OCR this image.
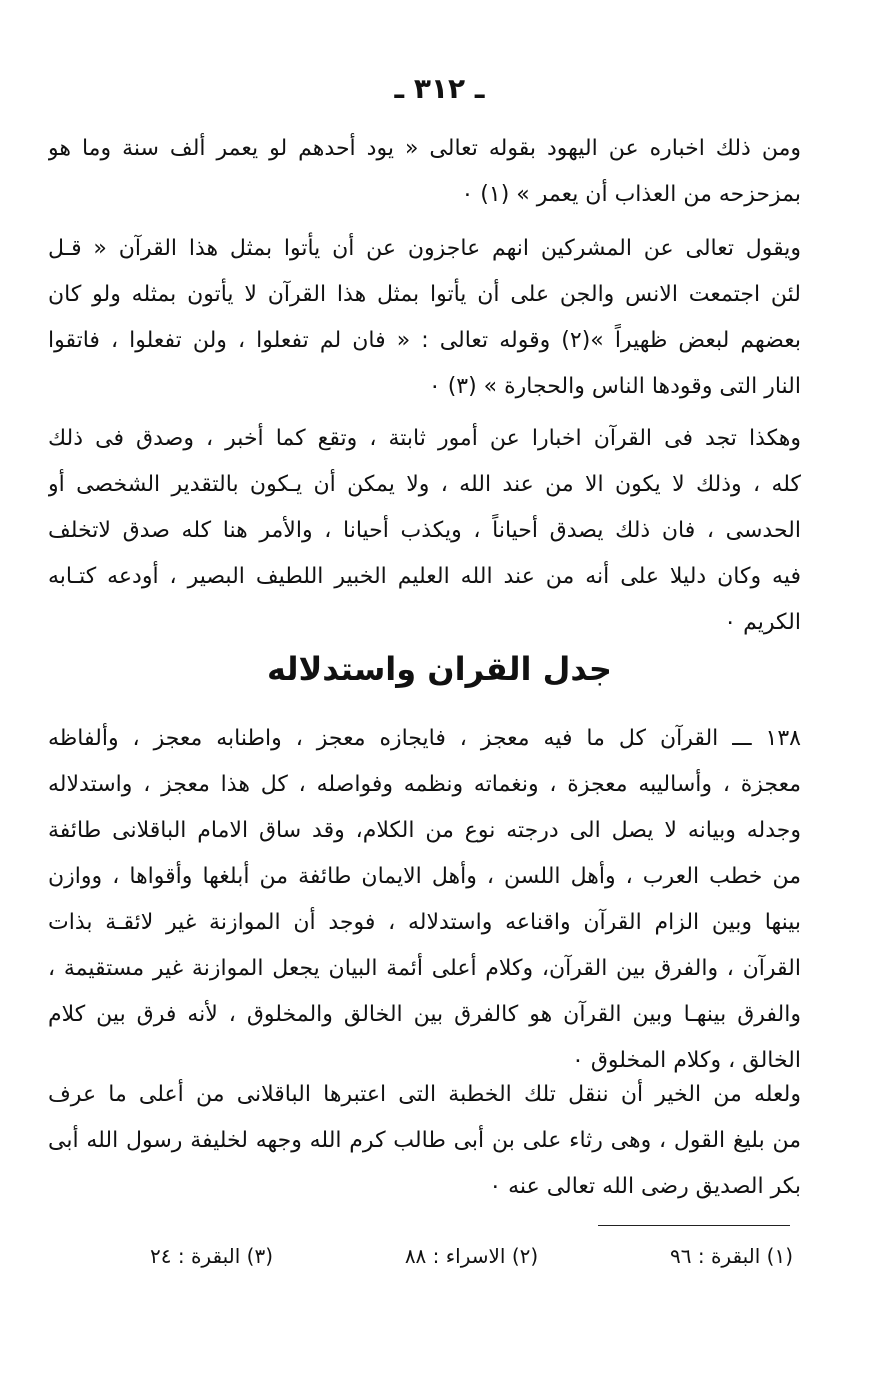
ـ ٣١٢ ـ
ومن ذلك اخباره عن اليهود بقوله تعالى « يود أحدهم لو يعمر ألف سنة وما هو
بمزحزحه من العذاب أن يعمر » (١) ٠
ويقول تعالى عن المشركين انهم عاجزون عن أن يأتوا بمثل هذا القرآن « قـل
لئن اجتمعت الانس والجن على أن يأتوا بمثل هذا القرآن لا يأتون بمثله ولو كان
بعضهم لبعض ظهيراً »(٢) وقوله تعالى : « فان لم تفعلوا ، ولن تفعلوا ، فاتقوا
النار التى وقودها الناس والحجارة » (٣) ٠
وهكذا تجد فى القرآن اخبارا عن أمور ثابتة ، وتقع كما أخبر ، وصدق فى ذلك
كله ، وذلك لا يكون الا من عند الله ، ولا يمكن أن يـكون بالتقدير الشخصى أو
الحدسى ، فان ذلك يصدق أحياناً ، ويكذب أحيانا ، والأمر هنا كله صدق لاتخلف
فيه وكان دليلا على أنه من عند الله العليم الخبير اللطيف البصير ، أودعه كتـابه
الكريم ٠
جدل القران واستدلاله
١٣٨ ـــ القرآن كل ما فيه معجز ، فايجازه معجز ، واطنابه معجز ، وألفاظه
معجزة ، وأساليبه معجزة ، ونغماته ونظمه وفواصله ، كل هذا معجز ، واستدلاله
وجدله وبيانه لا يصل الى درجته نوع من الكلام، وقد ساق الامام الباقلانى طائفة
من خطب العرب ، وأهل اللسن ، وأهل الايمان طائفة من أبلغها وأقواها ، ووازن
بينها وبين الزام القرآن واقناعه واستدلاله ، فوجد أن الموازنة غير لائقـة بذات
القرآن ، والفرق بين القرآن، وكلام أعلى أئمة البيان يجعل الموازنة غير مستقيمة ،
والفرق بينهـا وبين القرآن هو كالفرق بين الخالق والمخلوق ، لأنه فرق بين كلام
الخالق ، وكلام المخلوق ٠
ولعله من الخير أن ننقل تلك الخطبة التى اعتبرها الباقلانى من أعلى ما عرف
من بليغ القول ، وهى رثاء على بن أبى طالب كرم الله وجهه لخليفة رسول الله أبى
بكر الصديق رضى الله تعالى عنه ٠
(١) البقرة : ٩٦
(٢) الاسراء : ٨٨
(٣) البقرة : ٢٤
